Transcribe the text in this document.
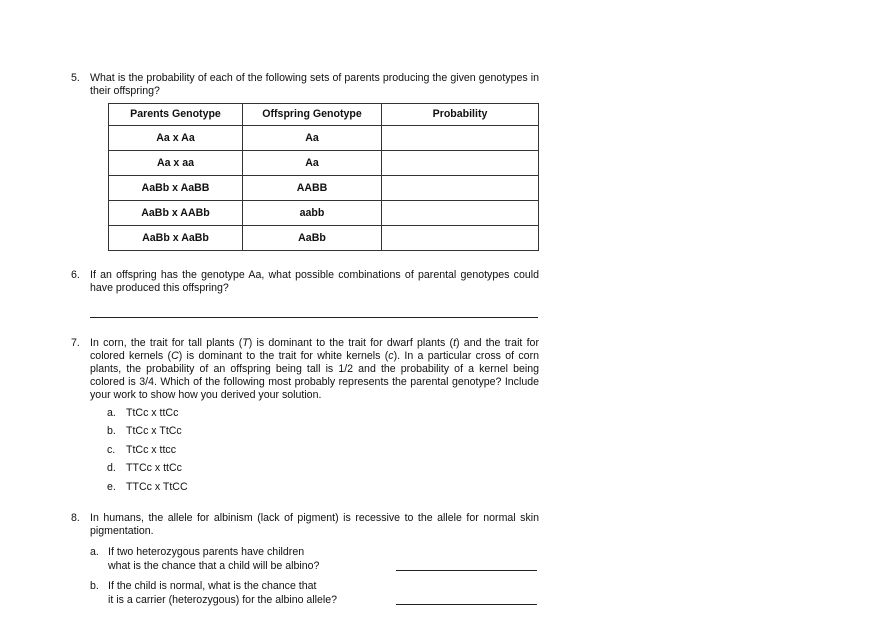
5. What is the probability of each of the following sets of parents producing the given genotypes in their offspring?
Parents Genotype	Offspring Genotype	Probability
Aa x Aa	Aa	
Aa x aa	Aa	
AaBb x AaBB	AABB	
AaBb x AABb	aabb	
AaBb x AaBb	AaBb	
6. If an offspring has the genotype Aa, what possible combinations of parental genotypes could have produced this offspring?
7. In corn, the trait for tall plants (T) is dominant to the trait for dwarf plants (t) and the trait for colored kernels (C) is dominant to the trait for white kernels (c). In a particular cross of corn plants, the probability of an offspring being tall is 1/2 and the probability of a kernel being colored is 3/4. Which of the following most probably represents the parental genotype? Include your work to show how you derived your solution.
a. TtCc x ttCc
b. TtCc x TtCc
c. TtCc x ttcc
d. TTCc x ttCc
e. TTCc x TtCC
8. In humans, the allele for albinism (lack of pigment) is recessive to the allele for normal skin pigmentation.
a. If two heterozygous parents have children
what is the chance that a child will be albino?
b. If the child is normal, what is the chance that
it is a carrier (heterozygous) for the albino allele?
